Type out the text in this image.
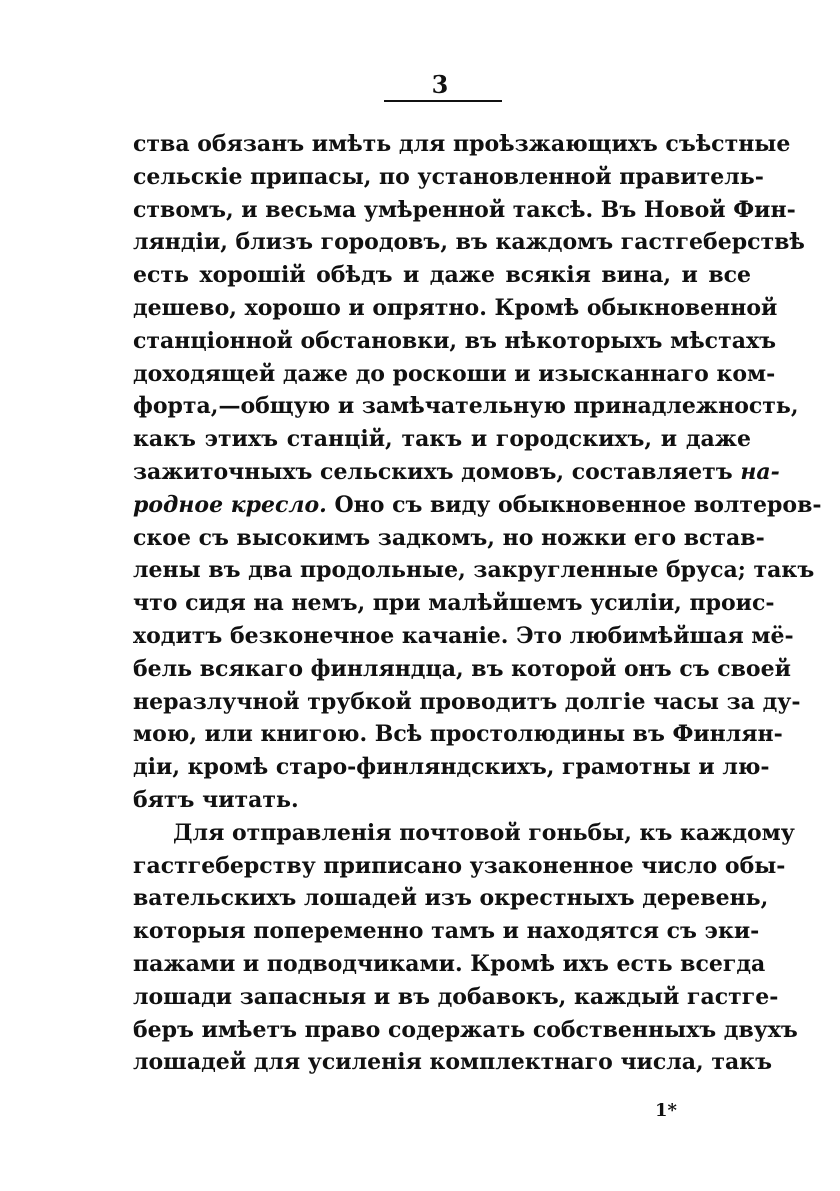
3
ства обязанъ имѣть для проѣзжающихъ съѣстные
сельскіе припасы, по установленной правитель-
ствомъ, и весьма умѣренной таксѣ. Въ Новой Фин-
ляндіи, близъ городовъ, въ каждомъ гастгеберствѣ
есть хорошій обѣдъ и даже всякія вина, и все
дешево, хорошо и опрятно. Кромѣ обыкновенной
станціонной обстановки, въ нѣкоторыхъ мѣстахъ
доходящей даже до роскоши и изысканнаго ком-
форта,—общую и замѣчательную принадлежность,
какъ этихъ станцій, такъ и городскихъ, и даже
зажиточныхъ сельскихъ домовъ, составляетъ на-
родное кресло. Оно съ виду обыкновенное волтеров-
ское съ высокимъ задкомъ, но ножки его встав-
лены въ два продольные, закругленные бруса; такъ
что сидя на немъ, при малѣйшемъ усиліи, проис-
ходитъ безконечное качаніе. Это любимѣйшая мё-
бель всякаго финляндца, въ которой онъ съ своей
неразлучной трубкой проводитъ долгіе часы за ду-
мою, или книгою. Всѣ простолюдины въ Финлян-
діи, кромѣ старо-финляндскихъ, грамотны и лю-
бятъ читать.
Для отправленія почтовой гоньбы, къ каждому
гастгеберству приписано узаконенное число обы-
вательскихъ лошадей изъ окрестныхъ деревень,
которыя попеременно тамъ и находятся съ эки-
пажами и подводчиками. Кромѣ ихъ есть всегда
лошади запасныя и въ добавокъ, каждый гастге-
беръ имѣетъ право содержать собственныхъ двухъ
лошадей для усиленія комплектнаго числа, такъ
1*
